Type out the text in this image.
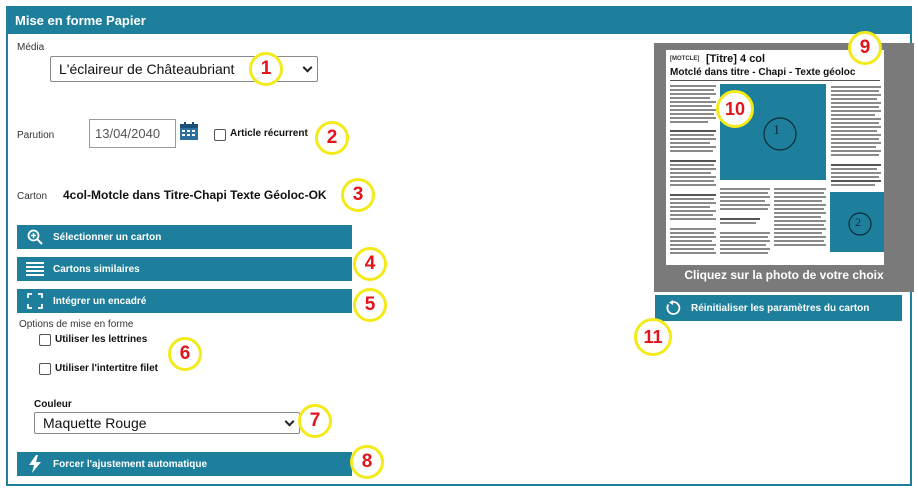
Mise en forme Papier
Média
L'éclaireur de Châteaubriant
Parution	13/04/2040	Article récurrent
Carton 4col-Motcle dans Titre-Chapi Texte Géoloc-OK
Sélectionner un carton
Cartons similaires
Intégrer un encadré
Options de mise en forme
Utiliser les lettrines
Utiliser l'intertitre filet
Couleur
Maquette Rouge
Forcer l'ajustement automatique
[MOTCLE] [Titre] 4 col
Motclé dans titre - Chapi - Texte géoloc
1
2
Cliquez sur la photo de votre choix
Réinitialiser les paramètres du carton
1
2
3
4
5
6
7
8
9
10
11
